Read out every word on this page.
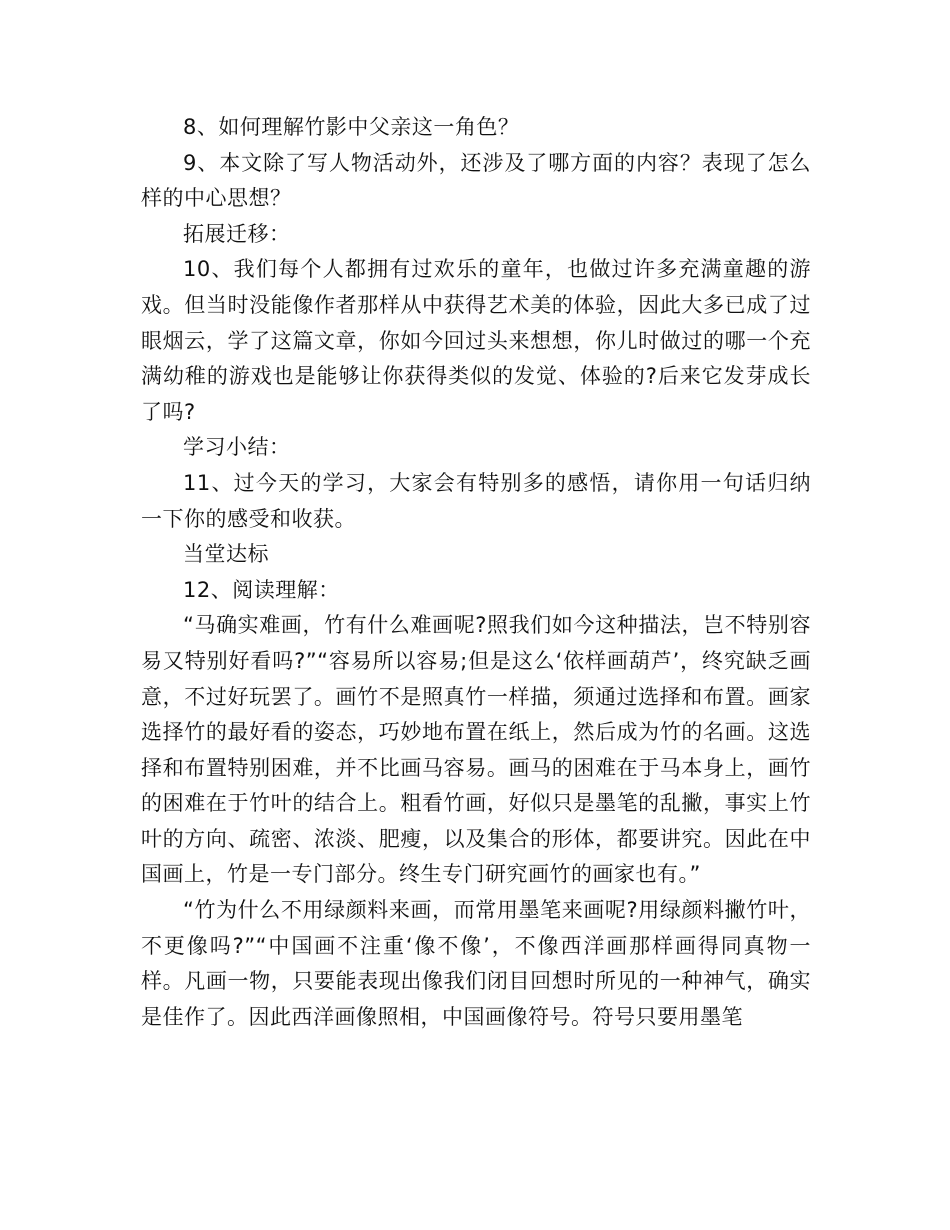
8、如何理解竹影中父亲这一角色？

9、本文除了写人物活动外，还涉及了哪方面的内容？表现了怎么样的中心思想？

拓展迁移：

10、我们每个人都拥有过欢乐的童年，也做过许多充满童趣的游戏。但当时没能像作者那样从中获得艺术美的体验，因此大多已成了过眼烟云，学了这篇文章，你如今回过头来想想，你儿时做过的哪一个充满幼稚的游戏也是能够让你获得类似的发觉、体验的?后来它发芽成长了吗?

学习小结：

11、过今天的学习，大家会有特别多的感悟，请你用一句话归纳一下你的感受和收获。

当堂达标

12、阅读理解：

“马确实难画，竹有什么难画呢?照我们如今这种描法，岂不特别容易又特别好看吗?”“容易所以容易;但是这么‘依样画葫芦’，终究缺乏画意，不过好玩罢了。画竹不是照真竹一样描，须通过选择和布置。画家选择竹的最好看的姿态，巧妙地布置在纸上，然后成为竹的名画。这选择和布置特别困难，并不比画马容易。画马的困难在于马本身上，画竹的困难在于竹叶的结合上。粗看竹画，好似只是墨笔的乱撇，事实上竹叶的方向、疏密、浓淡、肥瘦，以及集合的形体，都要讲究。因此在中国画上，竹是一专门部分。终生专门研究画竹的画家也有。”

“竹为什么不用绿颜料来画，而常用墨笔来画呢?用绿颜料撇竹叶，不更像吗?”“中国画不注重‘像不像’，不像西洋画那样画得同真物一样。凡画一物，只要能表现出像我们闭目回想时所见的一种神气，确实是佳作了。因此西洋画像照相，中国画像符号。符号只要用墨笔
